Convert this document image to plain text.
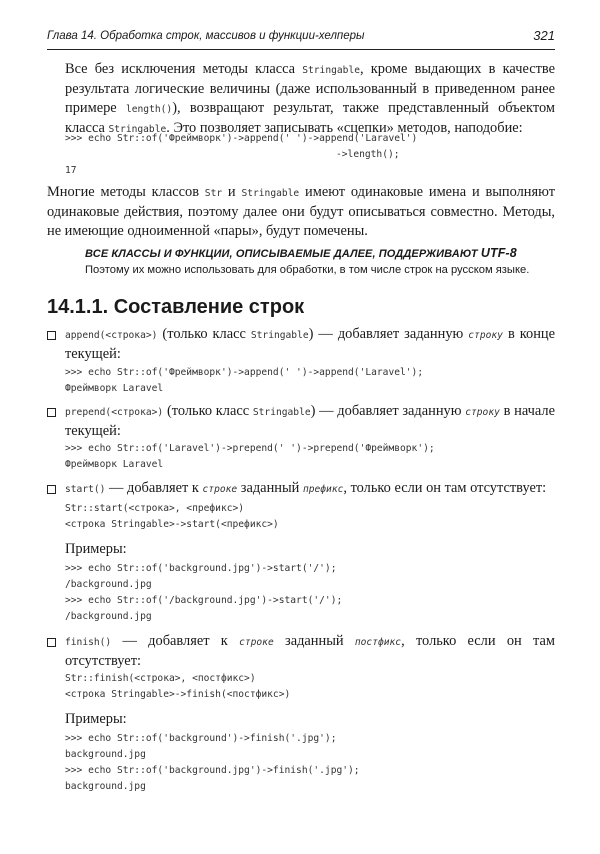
Глава 14. Обработка строк, массивов и функции-хелперы	321
Все без исключения методы класса Stringable, кроме выдающих в качестве результата логические величины (даже использованный в приведенном ранее примере length()), возвращают результат, также представленный объектом класса Stringable. Это позволяет записывать «сцепки» методов, наподобие:
>>> echo Str::of('Фреймворк')->append(' ')->append('Laravel')
->length();
17
Многие методы классов Str и Stringable имеют одинаковые имена и выполняют одинаковые действия, поэтому далее они будут описываться совместно. Методы, не имеющие одноименной «пары», будут помечены.
ВСЕ КЛАССЫ И ФУНКЦИИ, ОПИСЫВАЕМЫЕ ДАЛЕЕ, ПОДДЕРЖИВАЮТ UTF-8
Поэтому их можно использовать для обработки, в том числе строк на русском языке.
14.1.1. Составление строк
append(<строка>) (только класс Stringable) — добавляет заданную строку в конце текущей:
>>> echo Str::of('Фреймворк')->append(' ')->append('Laravel');
Фреймворк Laravel
prepend(<строка>) (только класс Stringable) — добавляет заданную строку в начале текущей:
>>> echo Str::of('Laravel')->prepend(' ')->prepend('Фреймворк');
Фреймворк Laravel
start() — добавляет к строке заданный префикс, только если он там отсутствует:
Str::start(<строка>, <префикс>)
<строка Stringable>->start(<префикс>)
Примеры:
>>> echo Str::of('background.jpg')->start('/');
/background.jpg
>>> echo Str::of('/background.jpg')->start('/');
/background.jpg
finish() — добавляет к строке заданный постфикс, только если он там отсутствует:
Str::finish(<строка>, <постфикс>)
<строка Stringable>->finish(<постфикс>)
Примеры:
>>> echo Str::of('background')->finish('.jpg');
background.jpg
>>> echo Str::of('background.jpg')->finish('.jpg');
background.jpg
